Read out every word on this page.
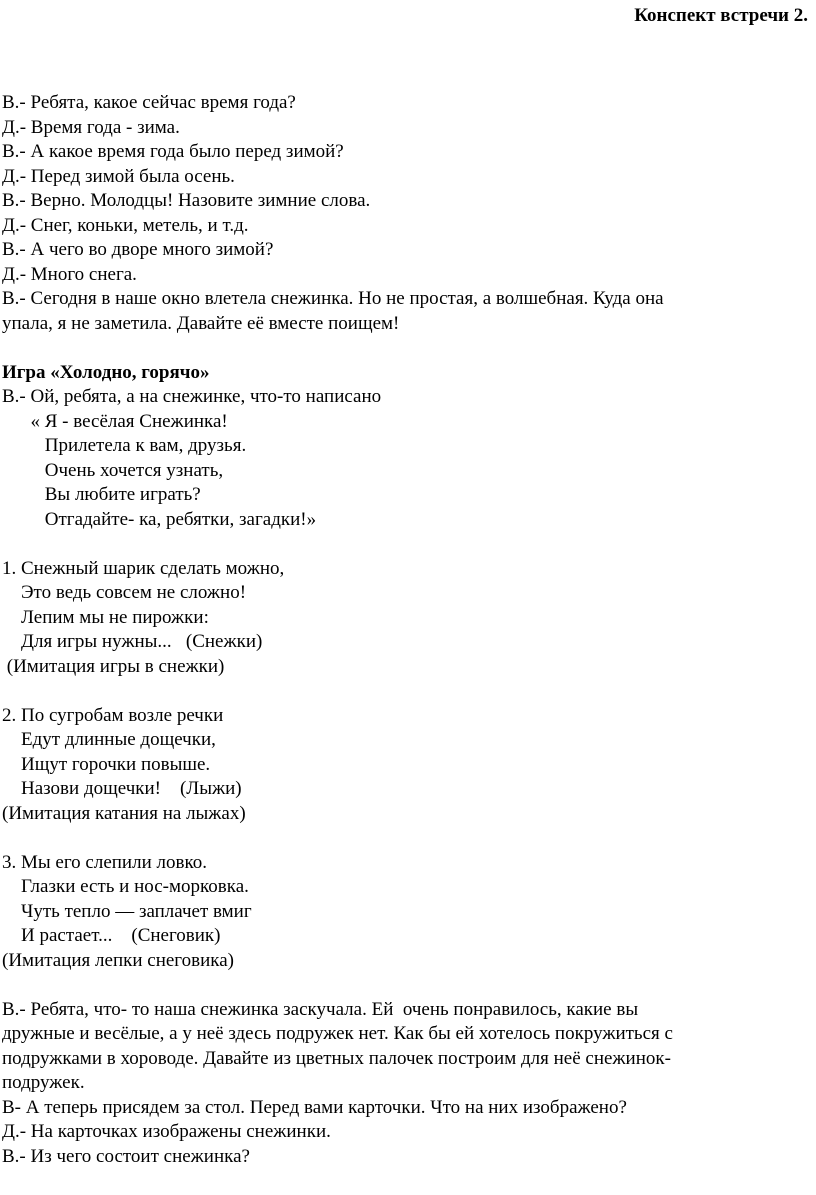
Конспект встречи 2.
В.- Ребята, какое сейчас время года?
Д.- Время года - зима.
В.- А какое время года было перед зимой?
Д.- Перед зимой была осень.
В.- Верно. Молодцы! Назовите зимние слова.
Д.- Снег, коньки, метель, и т.д.
В.- А чего во дворе много зимой?
Д.- Много снега.
В.- Сегодня в наше окно влетела снежинка. Но не простая, а волшебная. Куда она
упала, я не заметила. Давайте её вместе поищем!
Игра «Холодно, горячо»
В.- Ой, ребята, а на снежинке, что-то написано
« Я - весёлая Снежинка!
Прилетела к вам, друзья.
Очень хочется узнать,
Вы любите играть?
Отгадайте- ка, ребятки, загадки!»
1. Снежный шарик сделать можно,
Это ведь совсем не сложно!
Лепим мы не пирожки:
Для игры нужны...   (Снежки)
(Имитация игры в снежки)
2. По сугробам возле речки
Едут длинные дощечки,
Ищут горочки повыше.
Назови дощечки!    (Лыжи)
(Имитация катания на лыжах)
3. Мы его слепили ловко.
Глазки есть и нос-морковка.
Чуть тепло — заплачет вмиг
И растает...    (Снеговик)
(Имитация лепки снеговика)
В.- Ребята, что- то наша снежинка заскучала. Ей  очень понравилось, какие вы
дружные и весёлые, а у неё здесь подружек нет. Как бы ей хотелось покружиться с
подружками в хороводе. Давайте из цветных палочек построим для неё снежинок-
подружек.
В- А теперь присядем за стол. Перед вами карточки. Что на них изображено?
Д.- На карточках изображены снежинки.
В.- Из чего состоит снежинка?
